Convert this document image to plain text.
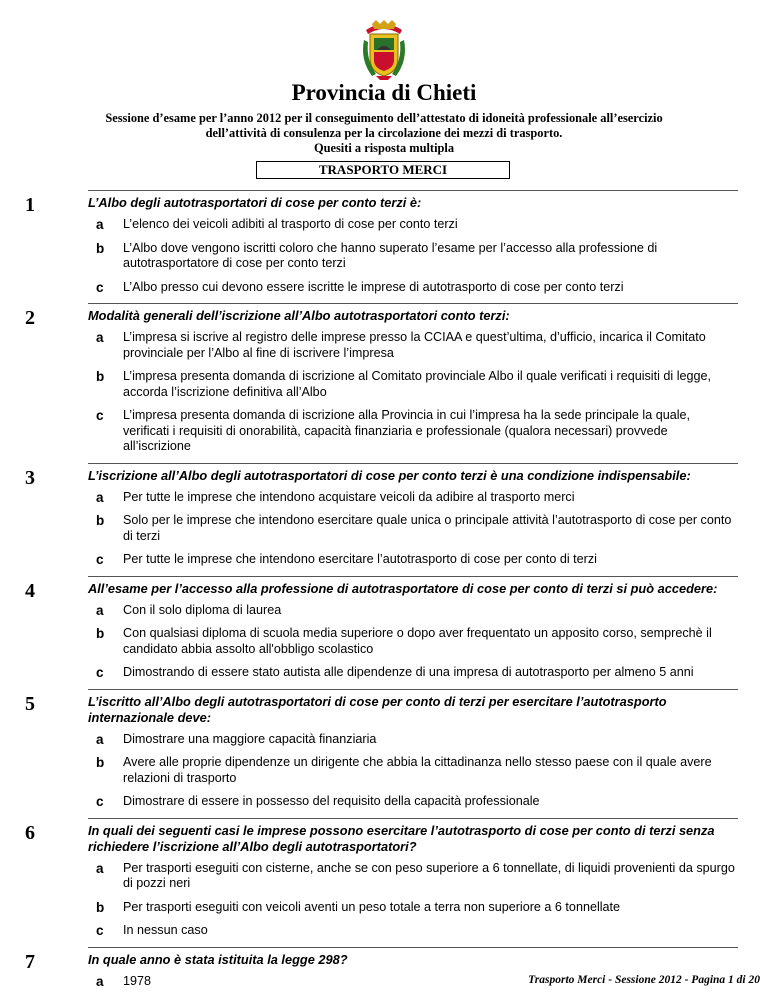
Provincia di Chieti
Sessione d’esame per l’anno 2012 per il conseguimento dell’attestato di idoneità professionale all’esercizio
dell’attività di consulenza per la circolazione dei mezzi di trasporto.
Quesiti a risposta multipla
TRASPORTO MERCI
1	L’Albo degli autotrasportatori di cose per conto terzi è:
a	L’elenco dei veicoli adibiti al trasporto di cose per conto terzi
b	L’Albo dove vengono iscritti coloro che hanno superato l’esame per l’accesso alla professione di autotrasportatore di cose per conto terzi
c	L’Albo presso cui devono essere iscritte le imprese di autotrasporto di cose per conto terzi
2	Modalità generali dell’iscrizione all’Albo autotrasportatori conto terzi:
a	L’impresa si iscrive al registro delle imprese presso la CCIAA e quest’ultima, d’ufficio, incarica il Comitato provinciale per l’Albo al fine di iscrivere l’impresa
b	L’impresa presenta domanda di iscrizione al Comitato provinciale Albo il quale verificati i requisiti di legge, accorda l’iscrizione definitiva all’Albo
c	L’impresa presenta domanda di iscrizione alla Provincia in cui l’impresa ha la sede principale la quale, verificati i requisiti di onorabilità, capacità finanziaria e professionale (qualora necessari) provvede all’iscrizione
3	L’iscrizione all’Albo degli autotrasportatori di cose per conto terzi è una condizione indispensabile:
a	Per tutte le imprese che intendono acquistare veicoli da adibire al trasporto merci
b	Solo per le imprese che intendono esercitare quale unica o principale attività l’autotrasporto di cose per conto di terzi
c	Per tutte le imprese che intendono esercitare l’autotrasporto di cose per conto di terzi
4	All’esame per l’accesso alla professione di autotrasportatore di cose per conto di terzi si può accedere:
a	Con il solo diploma di laurea
b	Con qualsiasi diploma di scuola media superiore o dopo aver frequentato un apposito corso, semprechè il candidato abbia assolto all'obbligo scolastico
c	Dimostrando di essere stato autista alle dipendenze di una impresa di autotrasporto per almeno 5 anni
5	L’iscritto all’Albo degli autotrasportatori di cose per conto di terzi per esercitare l’autotrasporto internazionale deve:
a	Dimostrare una maggiore capacità finanziaria
b	Avere alle proprie dipendenze un dirigente che abbia la cittadinanza nello stesso paese con il quale avere relazioni di trasporto
c	Dimostrare di essere in possesso del requisito della capacità professionale
6	In quali dei seguenti casi le imprese possono esercitare l’autotrasporto di cose per conto di terzi senza richiedere l’iscrizione all’Albo degli autotrasportatori?
a	Per trasporti eseguiti con cisterne, anche se con peso superiore a 6 tonnellate, di liquidi provenienti da spurgo di pozzi neri
b	Per trasporti eseguiti con veicoli aventi un peso totale a terra non superiore a 6 tonnellate
c	In nessun caso
7	In quale anno è stata istituita la legge 298?
a	1978	Trasporto Merci - Sessione 2012 - Pagina 1 di 20
